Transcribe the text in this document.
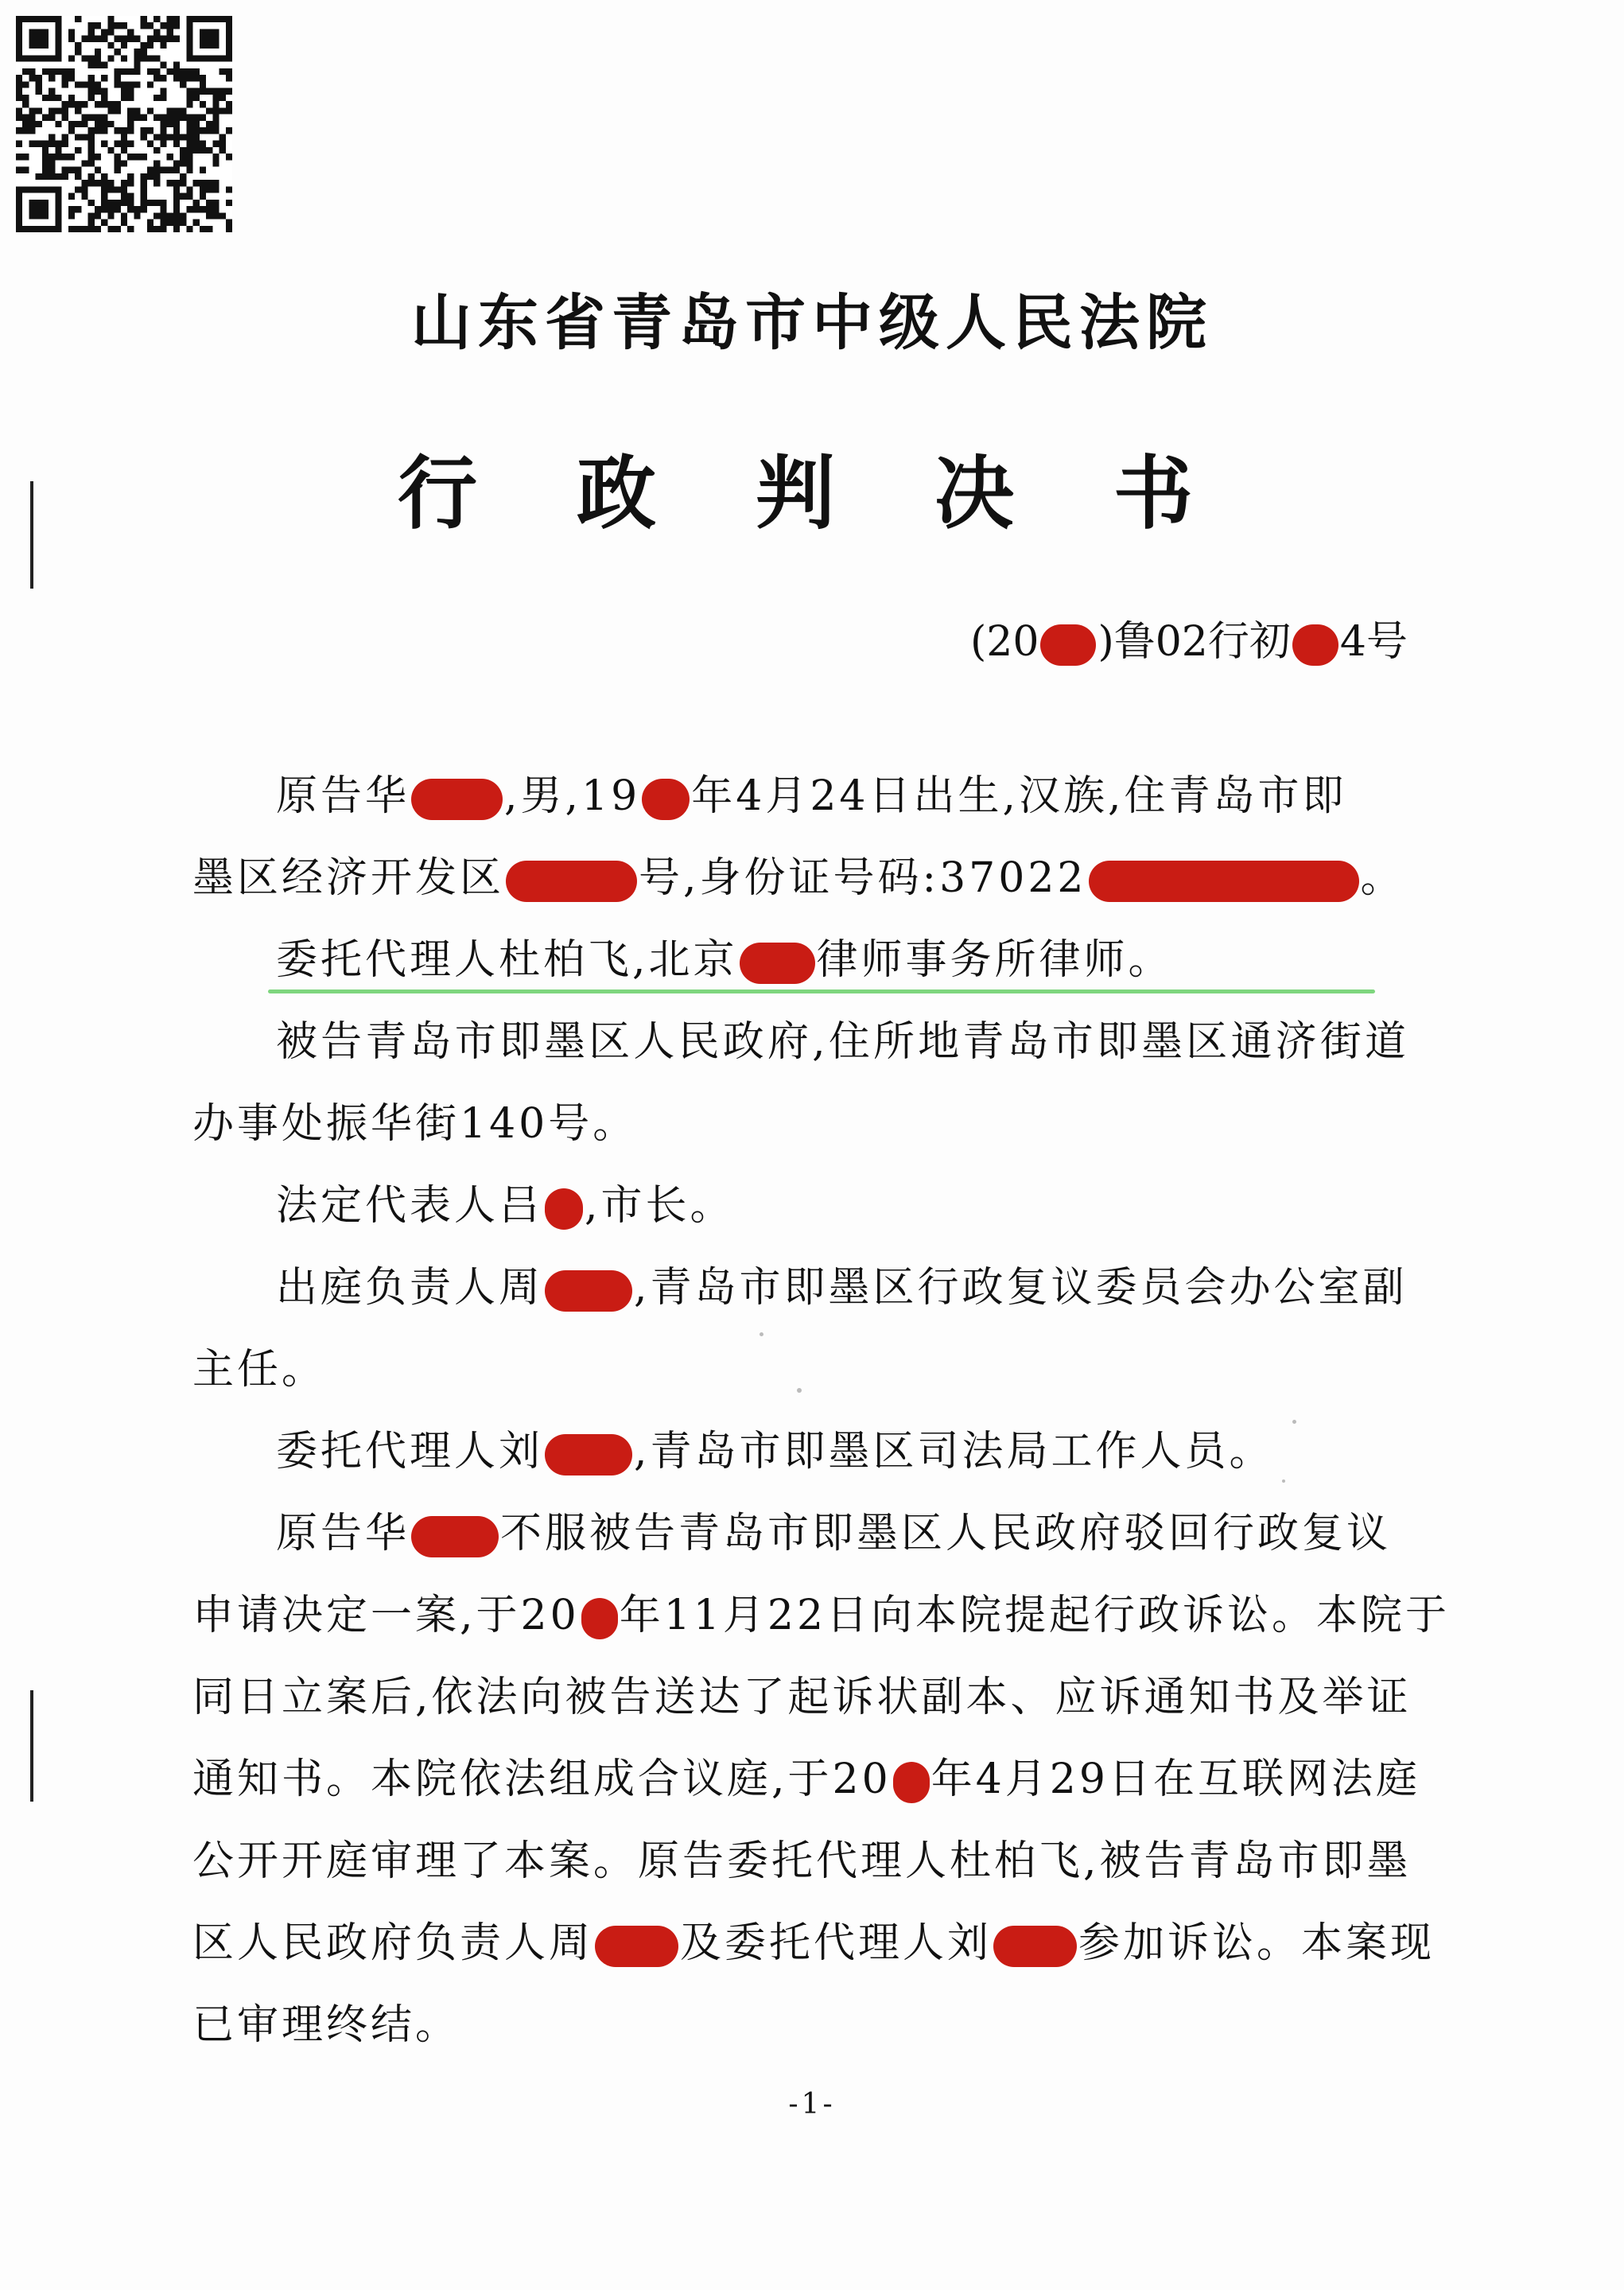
山东省青岛市中级人民法院
行 政 判 决 书
(20 )鲁02行初 4号
原告华 ,男,19 年4月24日出生,汉族,住青岛市即
墨区经济开发区	号,身份证号码:37022	。
委托代理人杜柏飞,北京 律师事务所律师。
被告青岛市即墨区人民政府,住所地青岛市即墨区通济街道
办事处振华街140号。
法定代表人吕 ,市长。
出庭负责人周 ,青岛市即墨区行政复议委员会办公室副
主任。
委托代理人刘 ,青岛市即墨区司法局工作人员。
原告华 不服被告青岛市即墨区人民政府驳回行政复议
申请决定一案,于20 年11月22日向本院提起行政诉讼。本院于
同日立案后,依法向被告送达了起诉状副本、应诉通知书及举证
通知书。本院依法组成合议庭,于20 年4月29日在互联网法庭
公开开庭审理了本案。原告委托代理人杜柏飞,被告青岛市即墨
区人民政府负责人周 及委托代理人刘 参加诉讼。本案现
已审理终结。
-1-
